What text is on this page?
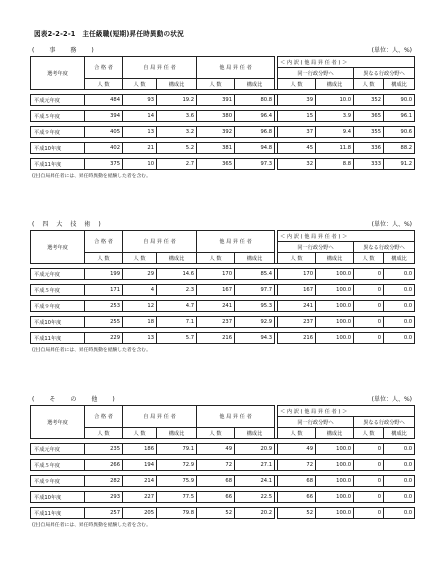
図表2-2-2-1　主任級職(短期)昇任時異動の状況
(　　事　　務　　)	(単位：人、%)
選考年度	合 格 者	自 局 昇 任 者		他 局 昇 任 者			＜ 内 訳 ( 他 局 昇 任 者 ) ＞			
							同一行政分野へ		異なる行政分野へ	
	人 数	人 数	構成比	人 数	構成比		人 数	構成比	人 数	構成比

平成元年度	484	93	19.2	391	80.8		39	10.0	352	90.0

平成５年度	394	14	3.6	380	96.4		15	3.9	365	96.1

平成９年度	405	13	3.2	392	96.8		37	9.4	355	90.6

平成10年度	402	21	5.2	381	94.8		45	11.8	336	88.2

平成11年度	375	10	2.7	365	97.3		32	8.8	333	91.2
(注)自局昇任者には、昇任時異動を経験した者を含む。
(　四　大　技　術　)	(単位：人、%)
選考年度	合 格 者	自 局 昇 任 者		他 局 昇 任 者			＜ 内 訳 ( 他 局 昇 任 者 ) ＞			
							同一行政分野へ		異なる行政分野へ	
	人 数	人 数	構成比	人 数	構成比		人 数	構成比	人 数	構成比

平成元年度	199	29	14.6	170	85.4		170	100.0	0	0.0

平成５年度	171	4	2.3	167	97.7		167	100.0	0	0.0

平成９年度	253	12	4.7	241	95.3		241	100.0	0	0.0

平成10年度	255	18	7.1	237	92.9		237	100.0	0	0.0

平成11年度	229	13	5.7	216	94.3		216	100.0	0	0.0
(注)自局昇任者には、昇任時異動を経験した者を含む。
(　　そ　　の　　他　　)	(単位：人、%)
選考年度	合 格 者	自 局 昇 任 者		他 局 昇 任 者			＜ 内 訳 ( 他 局 昇 任 者 ) ＞			
							同一行政分野へ		異なる行政分野へ	
	人 数	人 数	構成比	人 数	構成比		人 数	構成比	人 数	構成比

平成元年度	235	186	79.1	49	20.9		49	100.0	0	0.0

平成５年度	266	194	72.9	72	27.1		72	100.0	0	0.0

平成９年度	282	214	75.9	68	24.1		68	100.0	0	0.0

平成10年度	293	227	77.5	66	22.5		66	100.0	0	0.0

平成11年度	257	205	79.8	52	20.2		52	100.0	0	0.0
(注)自局昇任者には、昇任時異動を経験した者を含む。
